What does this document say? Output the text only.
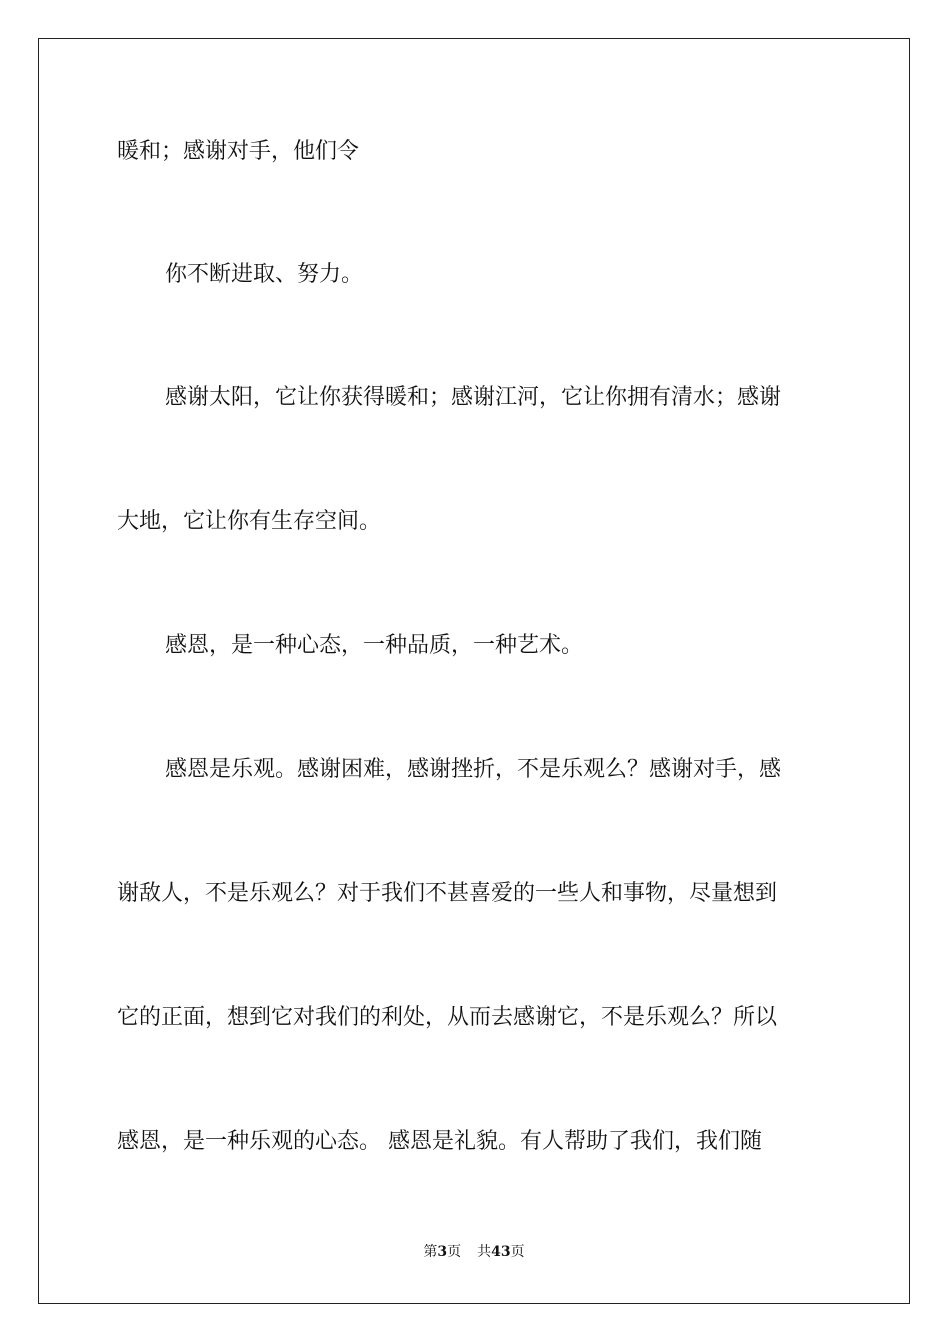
暖和；感谢对手，他们令
你不断进取、努力。
感谢太阳，它让你获得暖和；感谢江河，它让你拥有清水；感谢
大地，它让你有生存空间。
感恩，是一种心态，一种品质，一种艺术。
感恩是乐观。感谢困难，感谢挫折，不是乐观么？感谢对手，感
谢敌人，不是乐观么？对于我们不甚喜爱的一些人和事物，尽量想到
它的正面，想到它对我们的利处，从而去感谢它，不是乐观么？所以
感恩，是一种乐观的心态。 感恩是礼貌。有人帮助了我们，我们随
第3页 共43页
